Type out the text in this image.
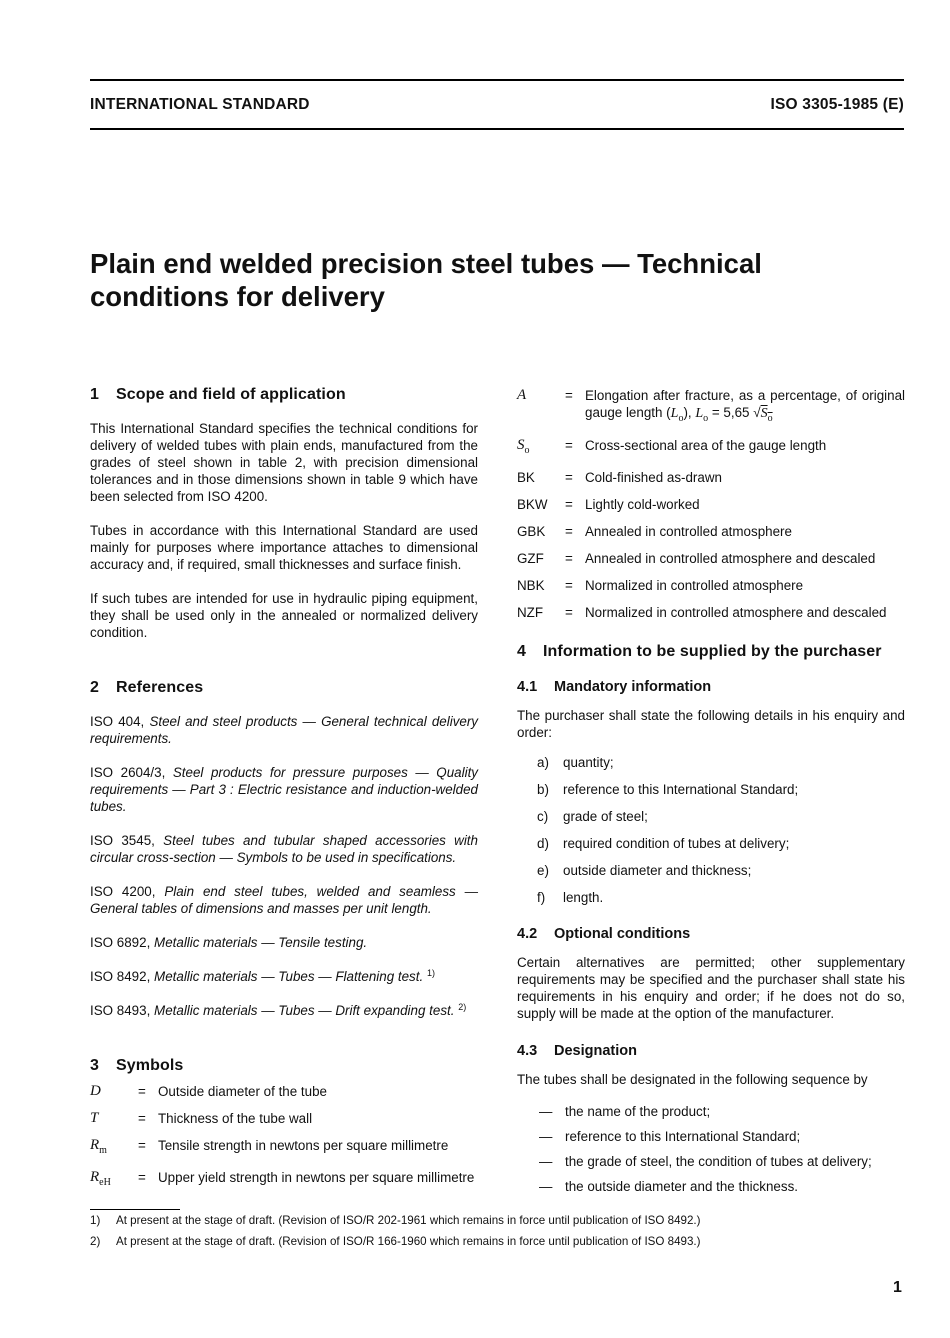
INTERNATIONAL STANDARD	ISO 3305-1985 (E)
Plain end welded precision steel tubes — Technical
conditions for delivery
1 Scope and field of application

This International Standard specifies the technical conditions for delivery of welded tubes with plain ends, manufactured from the grades of steel shown in table 2, with precision dimensional tolerances and in those dimensions shown in table 9 which have been selected from ISO 4200.

Tubes in accordance with this International Standard are used mainly for purposes where importance attaches to dimensional accuracy and, if required, small thicknesses and surface finish.

If such tubes are intended for use in hydraulic piping equipment, they shall be used only in the annealed or normalized delivery condition.

2 References
ISO 404, Steel and steel products — General technical delivery requirements.
ISO 2604/3, Steel products for pressure purposes — Quality requirements — Part 3 : Electric resistance and induction-welded tubes.
ISO 3545, Steel tubes and tubular shaped accessories with circular cross-section — Symbols to be used in specifications.
ISO 4200, Plain end steel tubes, welded and seamless — General tables of dimensions and masses per unit length.
ISO 6892, Metallic materials — Tensile testing.
ISO 8492, Metallic materials — Tubes — Flattening test. $^{1)}$
ISO 8493, Metallic materials — Tubes — Drift expanding test. $^{2)}$
3 Symbols
D	= Outside diameter of the tube
T	= Thickness of the tube wall
$R_m$	= Tensile strength in newtons per square millimetre
$R_{eH}$	= Upper yield strength in newtons per square millimetre
A	= Elongation after fracture, as a percentage, of original gauge length $(L_o)$, $L_o = 5,65$ $√S_o$
$S_o$	= Cross-sectional area of the gauge length
BK	= Cold-finished as-drawn
BKW	= Lightly cold-worked
GBK	= Annealed in controlled atmosphere
GZF	= Annealed in controlled atmosphere and descaled
NBK	= Normalized in controlled atmosphere
NZF	= Normalized in controlled atmosphere and descaled
4 Information to be supplied by the purchaser
4.1 Mandatory information

The purchaser shall state the following details in his enquiry and order:

a)	quantity;
b)	reference to this International Standard;
c)	grade of steel;
d)	required condition of tubes at delivery;
e)	outside diameter and thickness;
f)	length.
4.2 Optional conditions

Certain alternatives are permitted; other supplementary requirements may be specified and the purchaser shall state his requirements in his enquiry and order; if he does not do so, supply will be made at the option of the manufacturer.

4.3 Designation

The tubes shall be designated in the following sequence by

— the name of the product;
— reference to this International Standard;
— the grade of steel, the condition of tubes at delivery;
— the outside diameter and the thickness.
1)	At present at the stage of draft. (Revision of ISO/R 202-1961 which remains in force until publication of ISO 8492.)
2)	At present at the stage of draft. (Revision of ISO/R 166-1960 which remains in force until publication of ISO 8493.)
1
